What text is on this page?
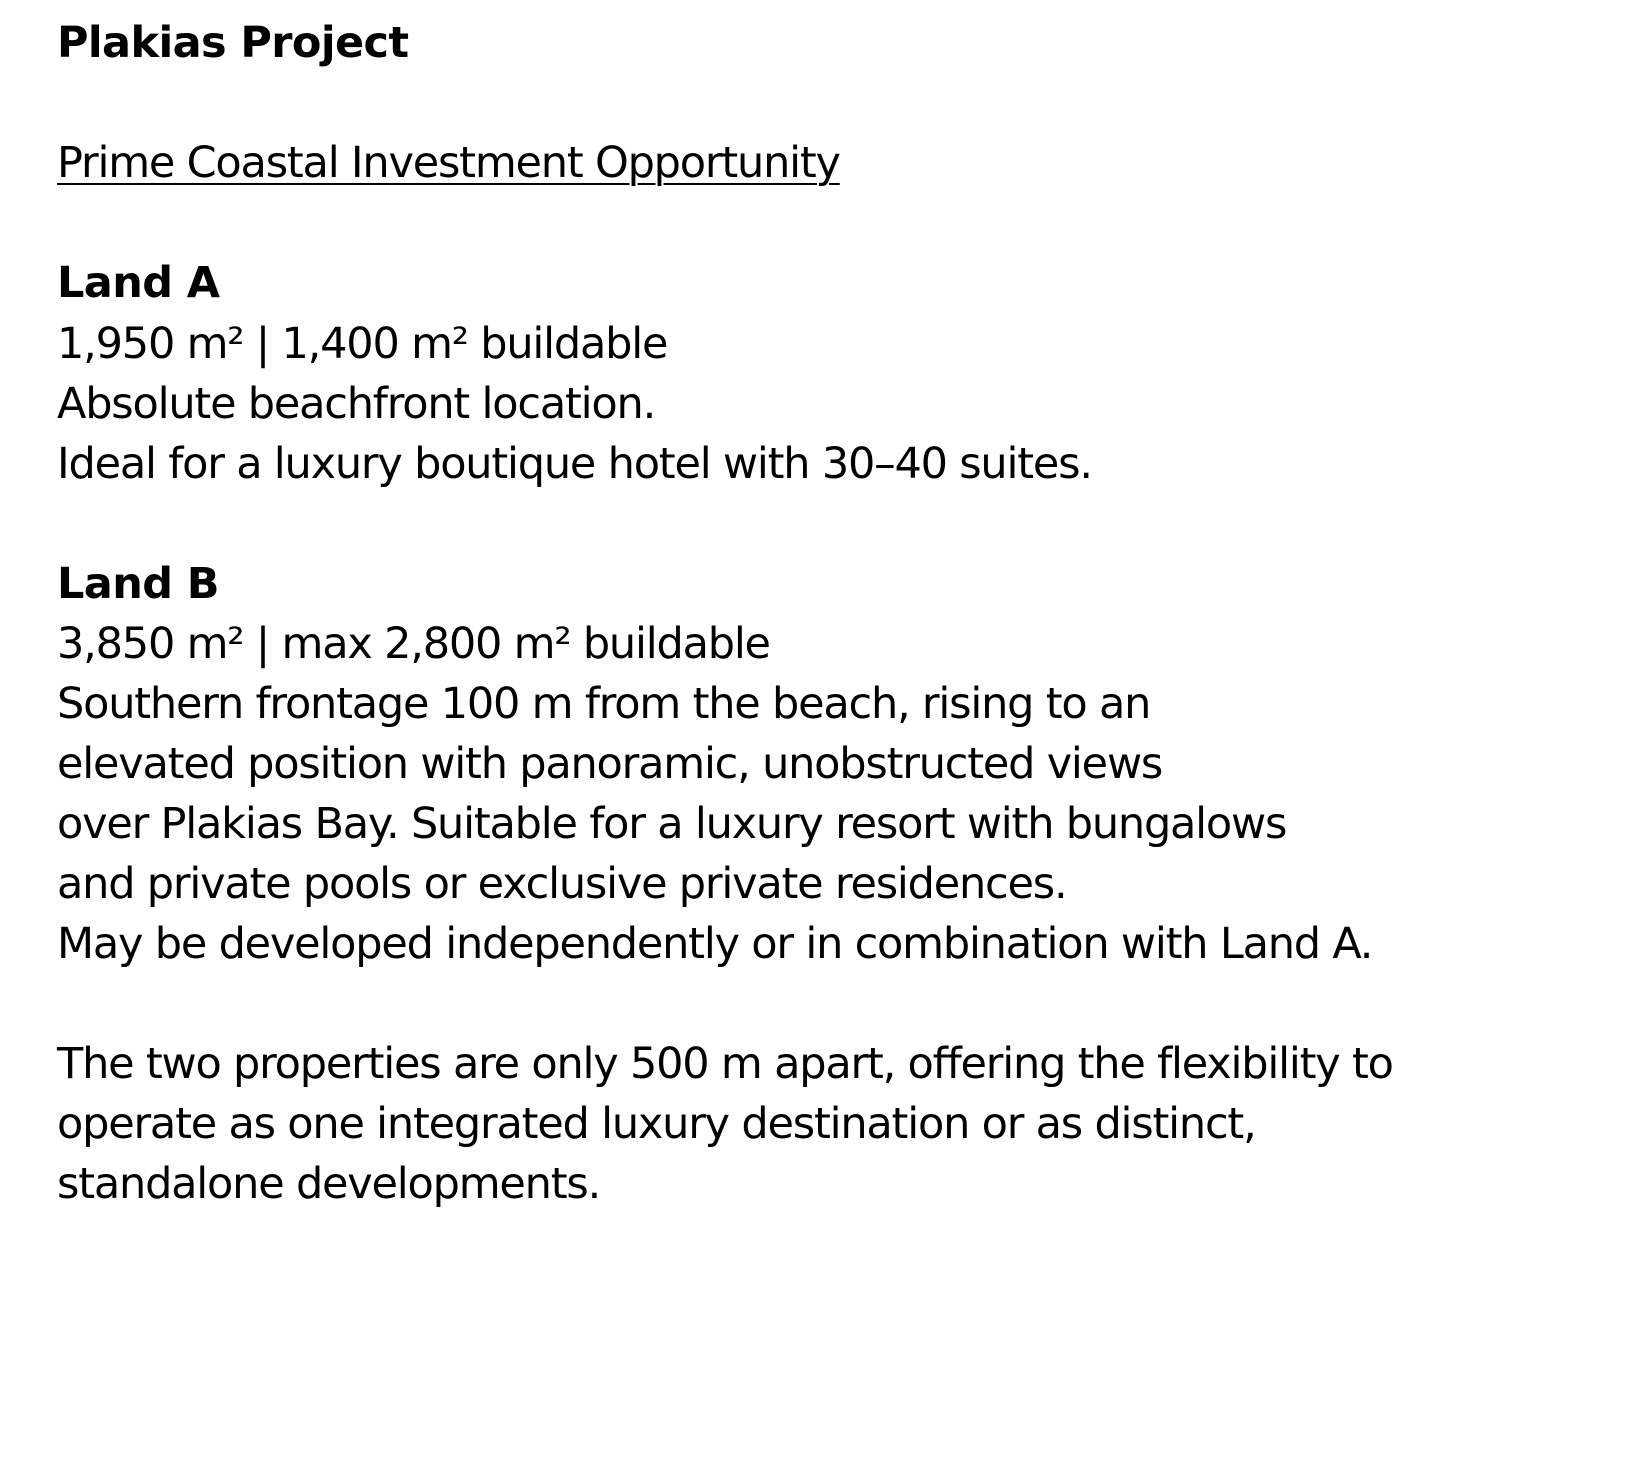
Plakias Project
Prime Coastal Investment Opportunity
Land A
1,950 m² | 1,400 m² buildable
Absolute beachfront location.
Ideal for a luxury boutique hotel with 30–40 suites.
Land B
3,850 m² | max 2,800 m² buildable
Southern frontage 100 m from the beach, rising to an
elevated position with panoramic, unobstructed views
over Plakias Bay. Suitable for a luxury resort with bungalows
and private pools or exclusive private residences.
May be developed independently or in combination with Land A.
The two properties are only 500 m apart, offering the flexibility to
operate as one integrated luxury destination or as distinct,
standalone developments.
